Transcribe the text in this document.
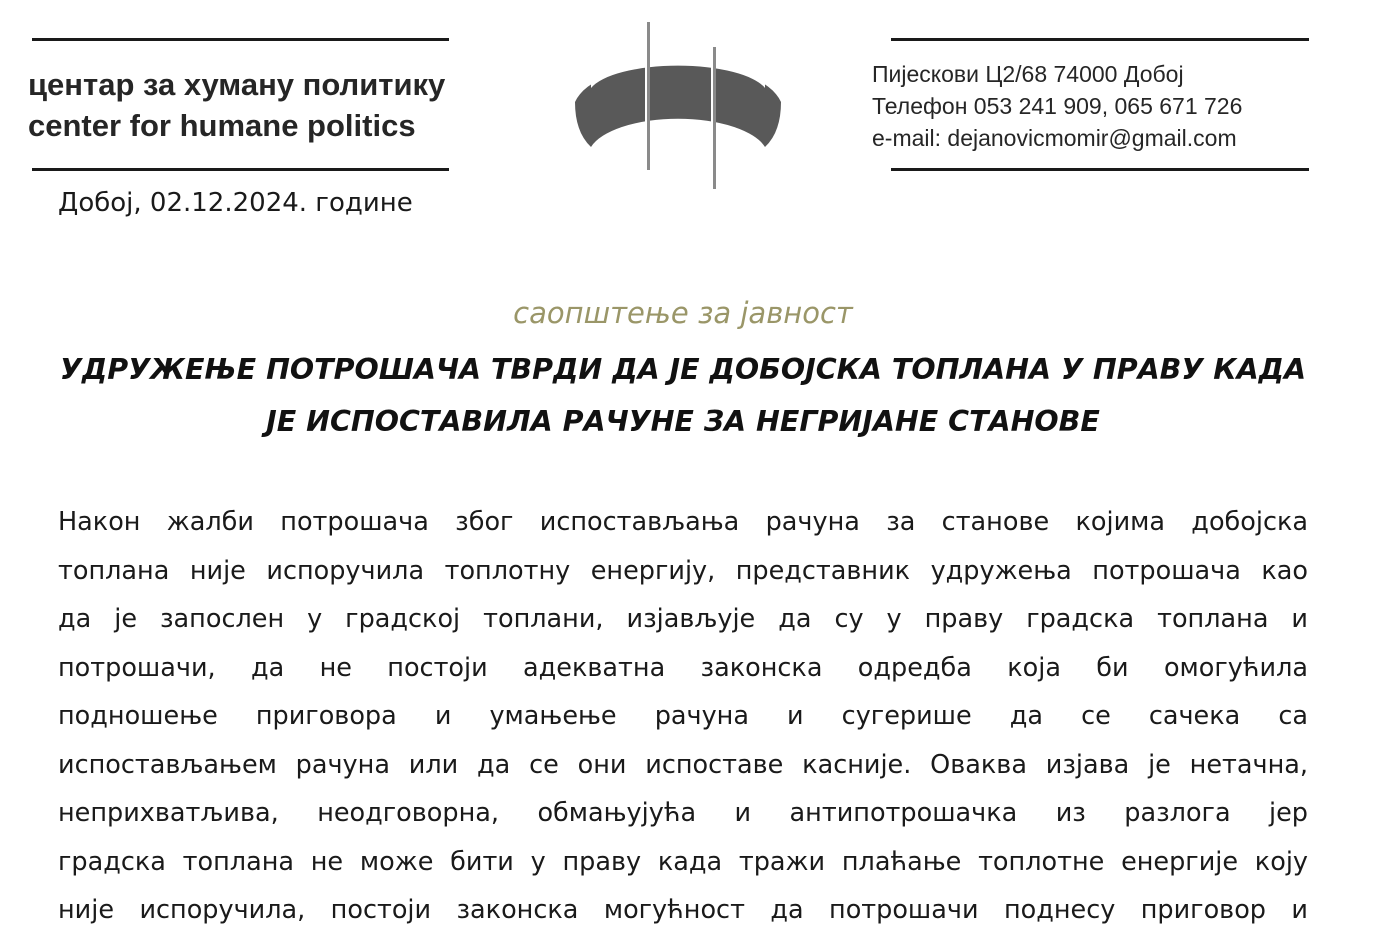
центар за хуману политику
center for humane politics
Пијескови Ц2/68 74000 Добој
Телефон 053 241 909, 065 671 726
e-mail: dejanovicmomir@gmail.com
Добој, 02.12.2024. године
саопштење за јавност
УДРУЖЕЊЕ ПОТРОШАЧА ТВРДИ ДА ЈЕ ДОБОЈСКА ТОПЛАНА У ПРАВУ КАДА
ЈЕ ИСПОСТАВИЛА РАЧУНЕ ЗА НЕГРИЈАНЕ СТАНОВЕ
Након жалби потрошача због испостављања рачуна за станове којима добојска
топлана није испоручила топлотну енергију, представник удружења потрошача као
да је запослен у градској топлани, изјављује да су у праву градска топлана и
потрошачи, да не постоји адекватна законска одредба која би омогућила
подношење приговора и умањење рачуна и сугерише да се сачека са
испостављањем рачуна или да се они испоставе касније. Оваква изјава је нетачна,
неприхватљива, неодговорна, обмањујућа и антипотрошачка из разлога јер
градска топлана не може бити у праву када тражи плаћање топлотне енергије коју
није испоручила, постоји законска могућност да потрошачи поднесу приговор и
